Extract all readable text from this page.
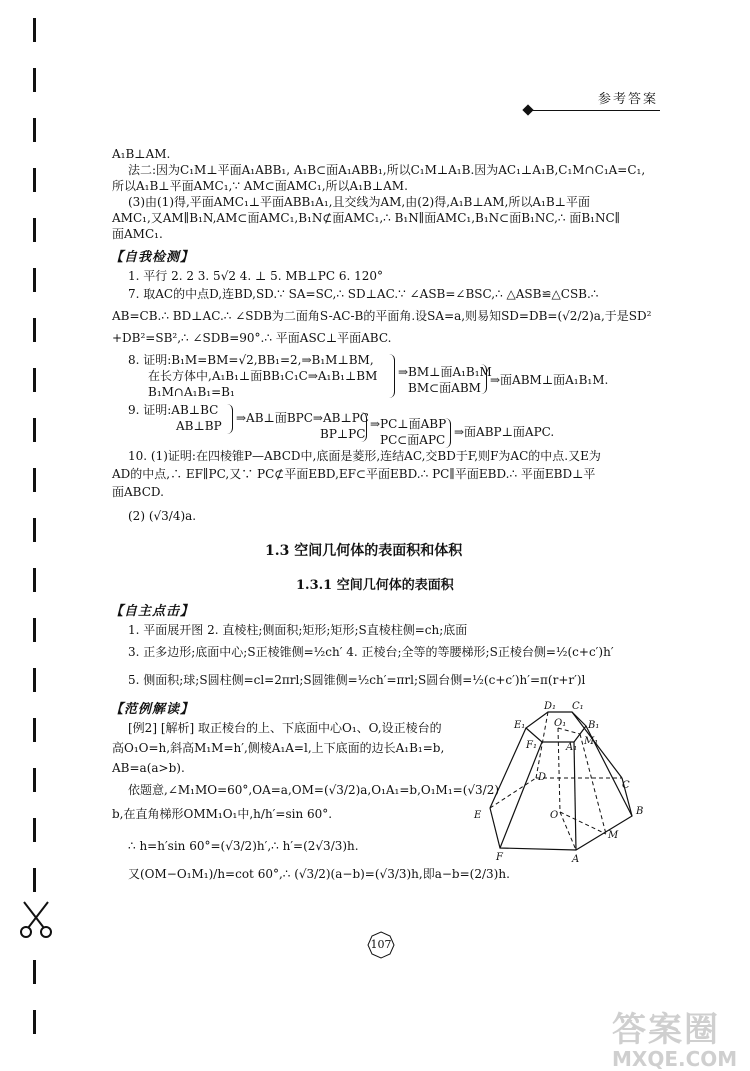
参考答案
A₁B⊥AM.
法二:因为C₁M⊥平面A₁ABB₁, A₁B⊂面A₁ABB₁,所以C₁M⊥A₁B.因为AC₁⊥A₁B,C₁M∩C₁A=C₁,
所以A₁B⊥平面AMC₁,∵ AM⊂面AMC₁,所以A₁B⊥AM.
(3)由(1)得,平面AMC₁⊥平面ABB₁A₁,且交线为AM,由(2)得,A₁B⊥AM,所以A₁B⊥平面
AMC₁,又AM∥B₁N,AM⊂面AMC₁,B₁N⊄面AMC₁,∴ B₁N∥面AMC₁,B₁N⊂面B₁NC,∴ 面B₁NC∥
面AMC₁.
【自我检测】
1. 平行 2. 2 3. 5√2 4. ⊥ 5. MB⊥PC 6. 120°
7. 取AC的中点D,连BD,SD.∵ SA=SC,∴ SD⊥AC.∵ ∠ASB=∠BSC,∴ △ASB≌△CSB.∴
AB=CB.∴ BD⊥AC.∴ ∠SDB为二面角S-AC-B的平面角.设SA=a,则易知SD=DB=(√2/2)a,于是SD²
+DB²=SB²,∴ ∠SDB=90°.∴ 平面ASC⊥平面ABC.
8. 证明:B₁M=BM=√2,BB₁=2,⇒B₁M⊥BM,
在长方体中,A₁B₁⊥面BB₁C₁C⇒A₁B₁⊥BM
B₁M∩A₁B₁=B₁
⇒BM⊥面A₁B₁M
BM⊂面ABM
⇒面ABM⊥面A₁B₁M.
9. 证明:AB⊥BC
AB⊥BP
⇒AB⊥面BPC⇒AB⊥PC
BP⊥PC
⇒PC⊥面ABP
PC⊂面APC
⇒面ABP⊥面APC.
10. (1)证明:在四棱锥P—ABCD中,底面是菱形,连结AC,交BD于F,则F为AC的中点.又E为
AD的中点,∴ EF∥PC,又∵ PC⊄平面EBD,EF⊂平面EBD.∴ PC∥平面EBD.∴ 平面EBD⊥平
面ABCD.
(2) (√3/4)a.
1.3 空间几何体的表面积和体积
1.3.1 空间几何体的表面积
【自主点击】
1. 平面展开图 2. 直棱柱;侧面积;矩形;矩形;S直棱柱侧=ch;底面
3. 正多边形;底面中心;S正棱锥侧=½ch′ 4. 正棱台;全等的等腰梯形;S正棱台侧=½(c+c′)h′
5. 侧面积;球;S圆柱侧=cl=2πrl;S圆锥侧=½ch′=πrl;S圆台侧=½(c+c′)h′=π(r+r′)l
【范例解读】
[例2] [解析] 取正棱台的上、下底面中心O₁、O,设正棱台的
高O₁O=h,斜高M₁M=h′,侧棱A₁A=l,上下底面的边长A₁B₁=b,
AB=a(a>b).
依题意,∠M₁MO=60°,OA=a,OM=(√3/2)a,O₁A₁=b,O₁M₁=(√3/2)
b,在直角梯形OMM₁O₁中,h/h′=sin 60°.
∴ h=h′sin 60°=(√3/2)h′,∴ h′=(2√3/3)h.
又(OM−O₁M₁)/h=cot 60°,∴ (√3/2)(a−b)=(√3/3)h,即a−b=(2/3)h.
D₁ C₁
E₁	O₁ B₁
F₁	A₁
M₁
D
C
O	B
E
M
F	A
107
答案圈
MXQE.COM
